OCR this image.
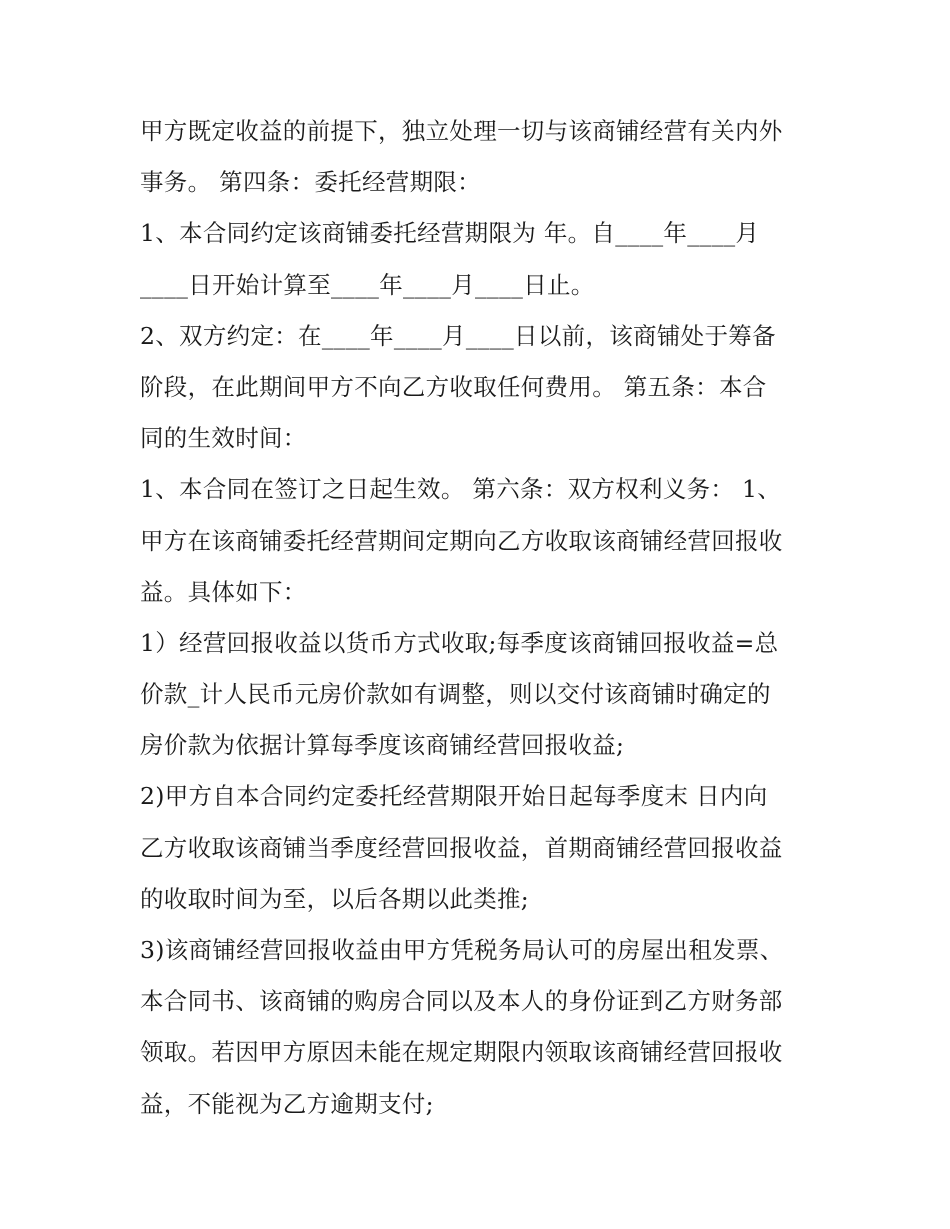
甲方既定收益的前提下，独立处理一切与该商铺经营有关内外
事务。 第四条：委托经营期限：
1、本合同约定该商铺委托经营期限为 年。自____年____月
____日开始计算至____年____月____日止。
2、双方约定：在____年____月____日以前，该商铺处于筹备
阶段，在此期间甲方不向乙方收取任何费用。 第五条：本合
同的生效时间：
1、本合同在签订之日起生效。 第六条：双方权利义务： 1、
甲方在该商铺委托经营期间定期向乙方收取该商铺经营回报收
益。具体如下：
1）经营回报收益以货币方式收取;每季度该商铺回报收益=总
价款_计人民币元房价款如有调整，则以交付该商铺时确定的
房价款为依据计算每季度该商铺经营回报收益;
2)甲方自本合同约定委托经营期限开始日起每季度末 日内向
乙方收取该商铺当季度经营回报收益，首期商铺经营回报收益
的收取时间为至，以后各期以此类推;
3)该商铺经营回报收益由甲方凭税务局认可的房屋出租发票、
本合同书、该商铺的购房合同以及本人的身份证到乙方财务部
领取。若因甲方原因未能在规定期限内领取该商铺经营回报收
益，不能视为乙方逾期支付;
